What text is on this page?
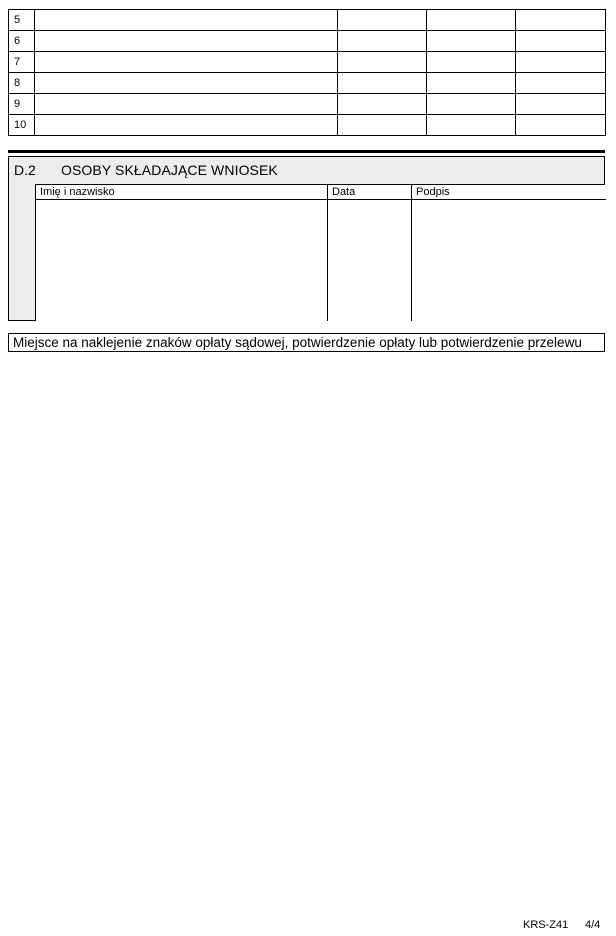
5				
6				
7				
8				
9				
10				
D.2 OSOBY SKŁADAJĄCE WNIOSEK
Imię i nazwisko	Data	Podpis
Miejsce na naklejenie znaków opłaty sądowej, potwierdzenie opłaty lub potwierdzenie przelewu
KRS-Z41 4/4
